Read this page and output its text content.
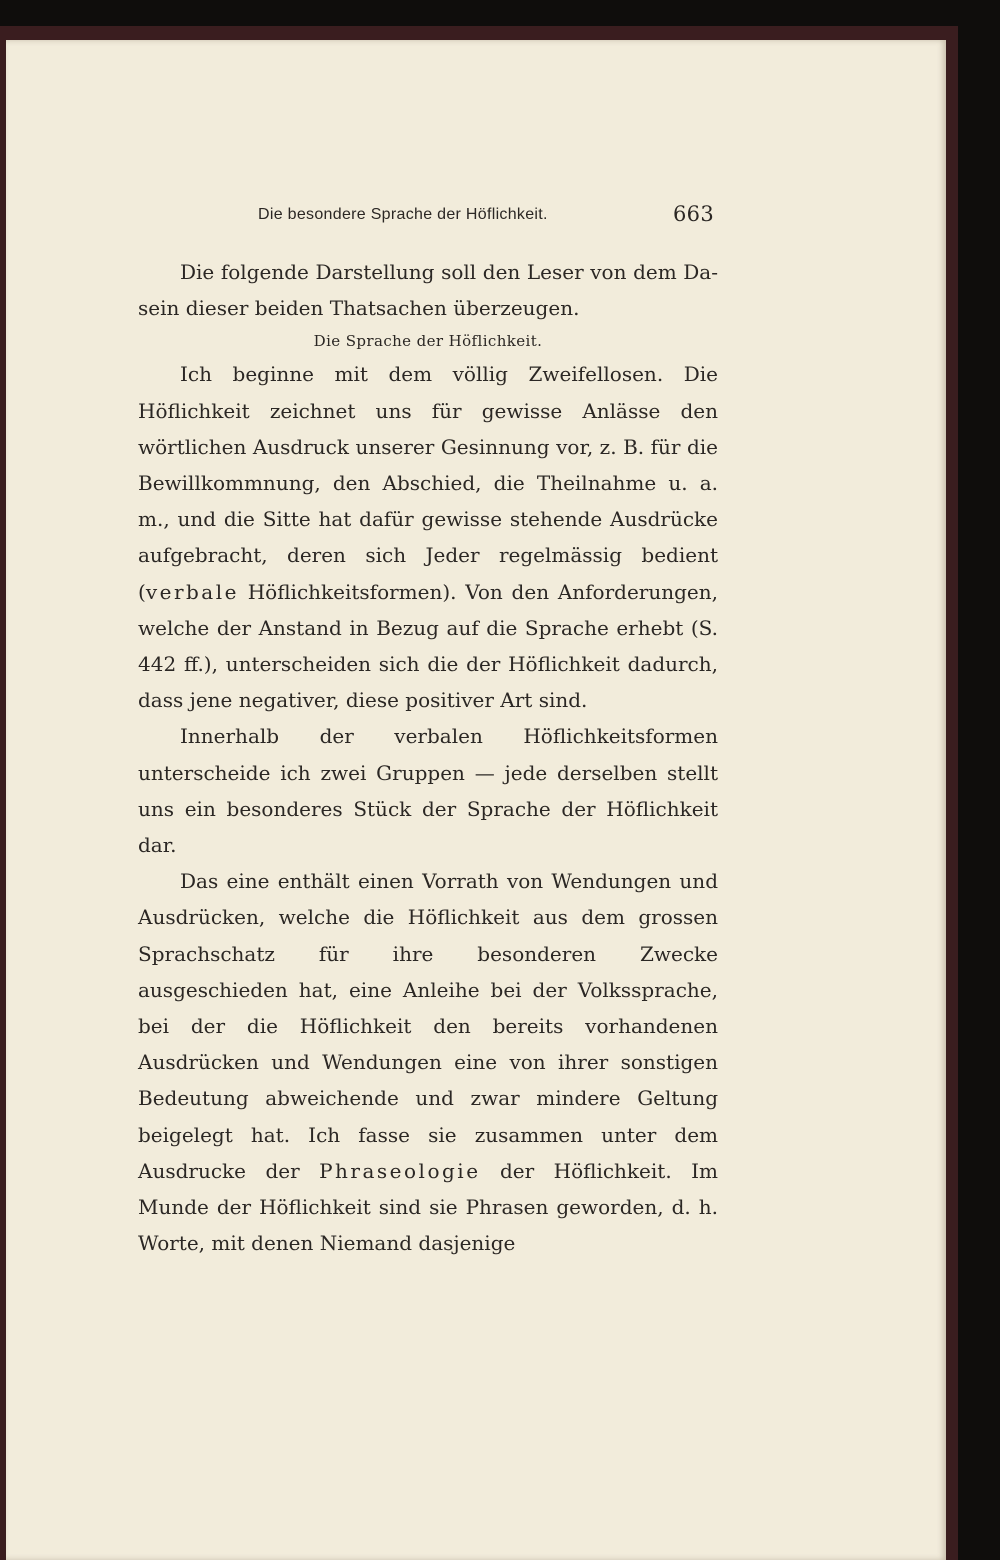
Die besondere Sprache der Höflichkeit.	663

Die folgende Darstellung soll den Leser von dem Dasein dieser beiden Thatsachen überzeugen.

Die Sprache der Höflichkeit.

Ich beginne mit dem völlig Zweifellosen. Die Höflichkeit zeichnet uns für gewisse Anlässe den wörtlichen Ausdruck unserer Gesinnung vor, z. B. für die Bewillkommnung, den Abschied, die Theilnahme u. a. m., und die Sitte hat dafür gewisse stehende Ausdrücke aufgebracht, deren sich Jeder regelmässig bedient (verbale Höflichkeitsformen). Von den Anforderungen, welche der Anstand in Bezug auf die Sprache erhebt (S. 442 ff.), unterscheiden sich die der Höflichkeit dadurch, dass jene negativer, diese positiver Art sind.

Innerhalb der verbalen Höflichkeitsformen unterscheide ich zwei Gruppen — jede derselben stellt uns ein besonderes Stück der Sprache der Höflichkeit dar.

Das eine enthält einen Vorrath von Wendungen und Ausdrücken, welche die Höflichkeit aus dem grossen Sprachschatz für ihre besonderen Zwecke ausgeschieden hat, eine Anleihe bei der Volkssprache, bei der die Höflichkeit den bereits vorhandenen Ausdrücken und Wendungen eine von ihrer sonstigen Bedeutung abweichende und zwar mindere Geltung beigelegt hat. Ich fasse sie zusammen unter dem Ausdrucke der Phraseologie der Höflichkeit. Im Munde der Höflichkeit sind sie Phrasen geworden, d. h. Worte, mit denen Niemand dasjenige
